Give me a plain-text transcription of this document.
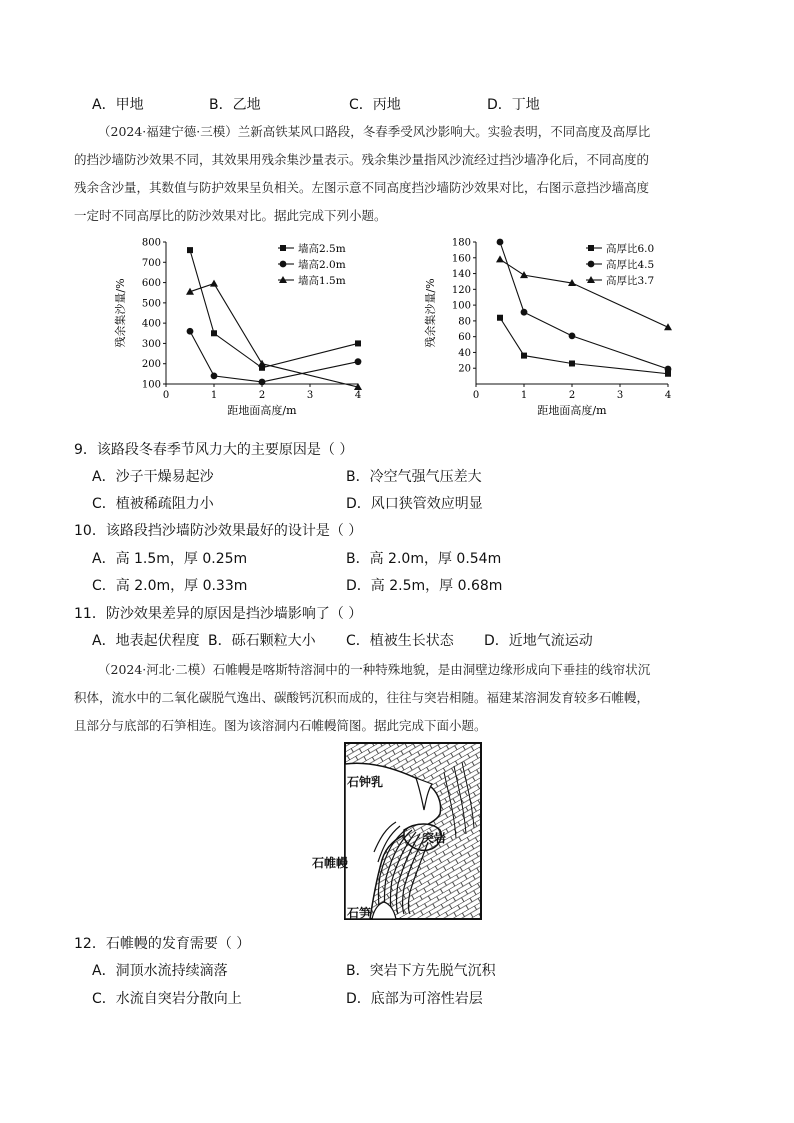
A．甲地	B．乙地	C．丙地	D．丁地
（2024·福建宁德·三模）兰新高铁某风口路段，冬春季受风沙影响大。实验表明，不同高度及高厚比
的挡沙墙防沙效果不同，其效果用残余集沙量表示。残余集沙量指风沙流经过挡沙墙净化后，不同高度的
残余含沙量，其数值与防护效果呈负相关。左图示意不同高度挡沙墙防沙效果对比，右图示意挡沙墙高度
一定时不同高厚比的防沙效果对比。据此完成下列小题。
0	1	2	3	4
100
200
300
400
500
600
700
800
距地面高度/m
残余集沙量/%
墙高2.5m
墙高2.0m
墙高1.5m
0	1	2	3	4
20
40
60
80
100
120
140
160
180
距地面高度/m
残余集沙量/%
高厚比6.0
高厚比4.5
高厚比3.7
9．该路段冬春季节风力大的主要原因是（ ）
A．沙子干燥易起沙	B．冷空气强气压差大
C．植被稀疏阻力小	D．风口狭管效应明显
10．该路段挡沙墙防沙效果最好的设计是（ ）
A．高 1.5m，厚 0.25m	B．高 2.0m，厚 0.54m
C．高 2.0m，厚 0.33m	D．高 2.5m，厚 0.68m
11．防沙效果差异的原因是挡沙墙影响了（ ）
A．地表起伏程度 B．砾石颗粒大小 C．植被生长状态 D．近地气流运动
（2024·河北·二模）石帷幔是喀斯特溶洞中的一种特殊地貌，是由洞壁边缘形成向下垂挂的线帘状沉
积体，流水中的二氧化碳脱气逸出、碳酸钙沉积而成的，往往与突岩相随。福建某溶洞发育较多石帷幔，
且部分与底部的石笋相连。图为该溶洞内石帷幔简图。据此完成下面小题。
石钟乳
突岩
石笋
石帷幔
12．石帷幔的发育需要（ ）
A．洞顶水流持续滴落	B．突岩下方先脱气沉积
C．水流自突岩分散向上	D．底部为可溶性岩层
